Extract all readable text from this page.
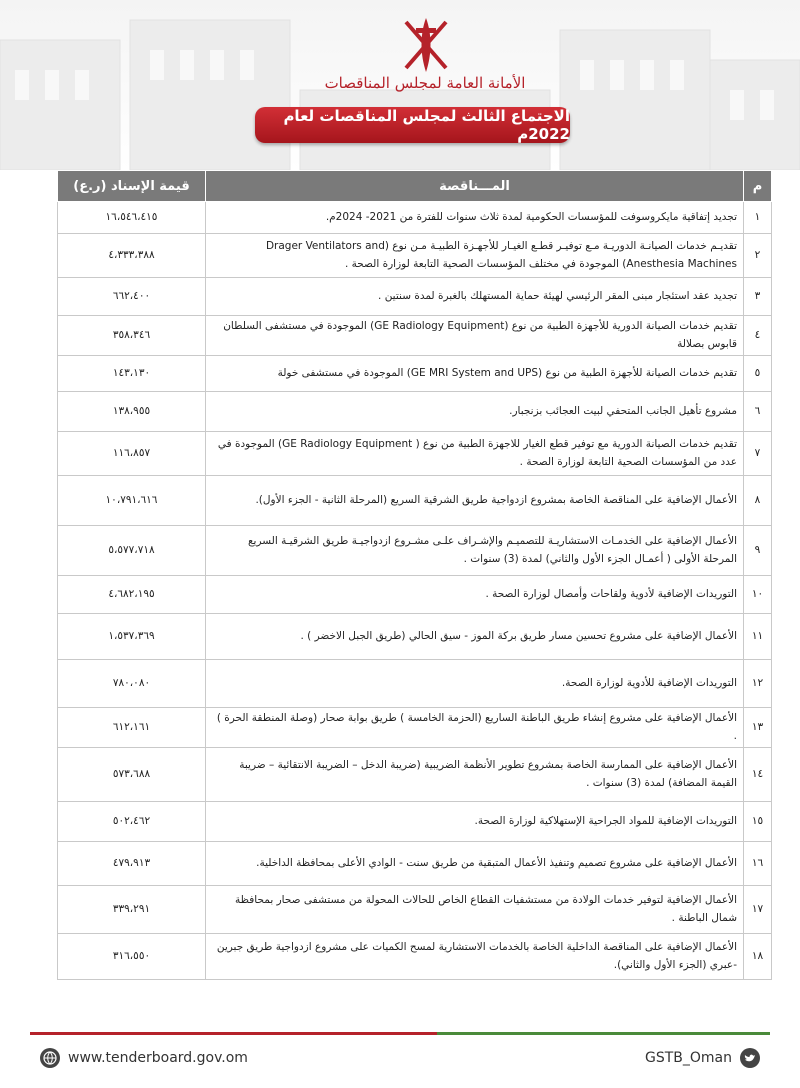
الأمانة العامة لمجلس المناقصات
الاجتماع الثالث لمجلس المناقصات لعام 2022م
م	المـــناقصة	قيمة الإسناد (ر.ع)
١	تجديد إتفاقية مايكروسوفت للمؤسسات الحكومية لمدة ثلاث سنوات للفترة من 2021- 2024م.	١٦،٥٤٦،٤١٥
٢	تقديـم خدمات الصيانـة الدوريـة مـع توفيـر قطـع الغيـار للأجهـزة الطبيـة مـن نوع (Drager Ventilators and Anesthesia Machines) الموجودة في مختلف المؤسسات الصحية التابعة لوزارة الصحة .	٤،٣٣٣،٣٨٨
٣	تجديد عقد استئجار مبنى المقر الرئيسي لهيئة حماية المستهلك بالغبرة لمدة سنتين .	٦٦٢،٤٠٠
٤	تقديم خدمات الصيانة الدورية للأجهزة الطبية من نوع (GE Radiology Equipment) الموجودة في مستشفى السلطان قابوس بصلالة	٣٥٨،٣٤٦
٥	تقديم خدمات الصيانة للأجهزة الطبية من نوع (GE MRI System and UPS) الموجودة في مستشفى خولة	١٤٣،١٣٠
٦	مشروع تأهيل الجانب المتحفي لبيت العجائب بزنجبار.	١٣٨،٩٥٥
٧	تقديم خدمات الصيانة الدورية مع توفير قطع الغيار للاجهزة الطبية من نوع ( GE Radiology Equipment) الموجودة في عدد من المؤسسات الصحية التابعة لوزارة الصحة .	١١٦،٨٥٧
٨	الأعمال الإضافية على المناقصة الخاصة بمشروع ازدواجية طريق الشرقية السريع (المرحلة الثانية - الجزء الأول).	١٠،٧٩١،٦١٦
٩	الأعمال الإضافية على الخدمـات الاستشاريـة للتصميـم والإشـراف علـى مشـروع ازدواجيـة طريق الشرقيـة السريع المرحلة الأولى ( أعمـال الجزء الأول والثاني) لمدة (3) سنوات .	٥،٥٧٧،٧١٨
١٠	التوريدات الإضافية لأدوية ولقاحات وأمصال لوزارة الصحة .	٤،٦٨٢،١٩٥
١١	الأعمال الإضافية على مشروع تحسين مسار طريق بركة الموز - سيق الحالي (طريق الجبل الاخضر ) .	١،٥٣٧،٣٦٩
١٢	التوريدات الإضافية للأدوية لوزارة الصحة.	٧٨٠،٠٨٠
١٣	الأعمال الإضافية على مشروع إنشاء طريق الباطنة الساريع (الحزمة الخامسة ) طريق بوابة صحار (وصلة المنطقة الحرة ) .	٦١٢،١٦١
١٤	الأعمال الإضافية على الممارسة الخاصة بمشروع تطوير الأنظمة الضريبية (ضريبة الدخل – الضريبة الانتقائية – ضريبة القيمة المضافة) لمدة (3) سنوات .	٥٧٣،٦٨٨
١٥	التوريدات الإضافية للمواد الجراحية الإستهلاكية لوزارة الصحة.	٥٠٢،٤٦٢
١٦	الأعمال الإضافية على مشروع تصميم وتنفيذ الأعمال المتبقية من طريق سنت - الوادي الأعلى بمحافظة الداخلية.	٤٧٩،٩١٣
١٧	الأعمال الإضافية لتوفير خدمات الولادة من مستشفيات القطاع الخاص للحالات المحولة من مستشفى صحار بمحافظة شمال الباطنة .	٣٣٩،٢٩١
١٨	الأعمال الإضافية على المناقصة الداخلية الخاصة بالخدمات الاستشارية لمسح الكميات على مشروع ازدواجية طريق جبرين -عبري (الجزء الأول والثاني).	٣١٦،٥٥٠
www.tenderboard.gov.om	GSTB_Oman
